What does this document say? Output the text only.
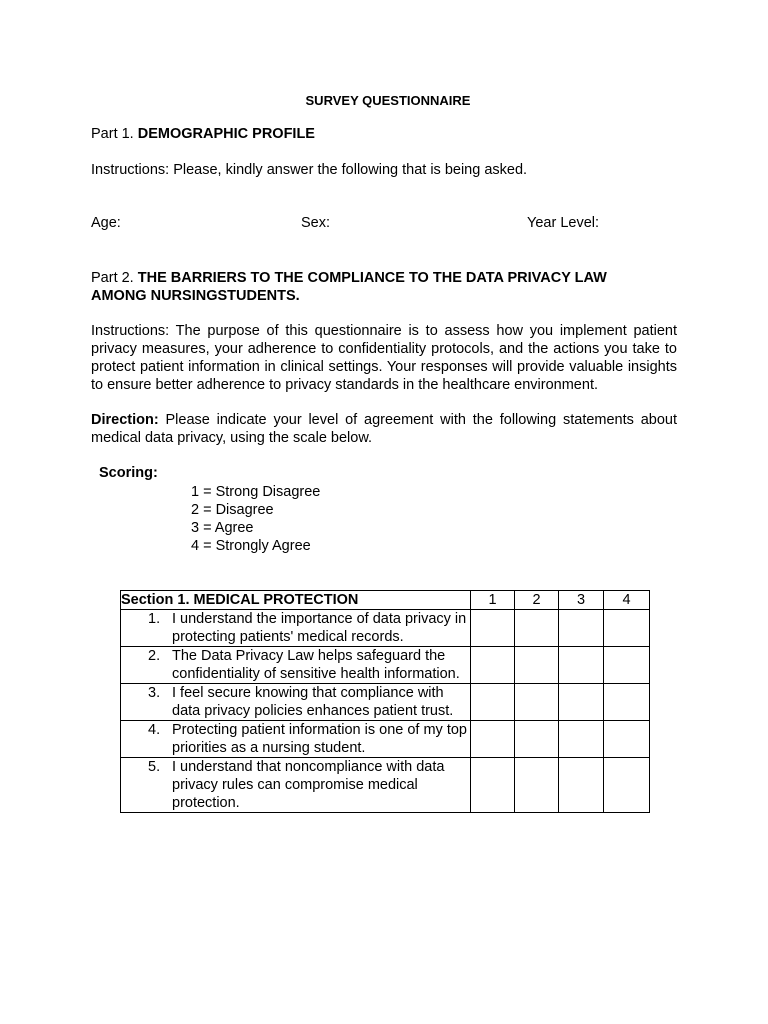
SURVEY QUESTIONNAIRE
Part 1. DEMOGRAPHIC PROFILE
Instructions: Please, kindly answer the following that is being asked.
Age:	Sex:	Year Level:
Part 2. THE BARRIERS TO THE COMPLIANCE TO THE DATA PRIVACY LAW
AMONG NURSINGSTUDENTS.
Instructions: The purpose of this questionnaire is to assess how you implement patient privacy measures, your adherence to confidentiality protocols, and the actions you take to protect patient information in clinical settings. Your responses will provide valuable insights to ensure better adherence to privacy standards in the healthcare environment.
Direction: Please indicate your level of agreement with the following statements about medical data privacy, using the scale below.
Scoring:
1 = Strong Disagree
2 = Disagree
3 = Agree
4 = Strongly Agree
Section 1. MEDICAL PROTECTION	1	2	3	4

1. I understand the importance of data privacy in protecting patients' medical records.				

2. The Data Privacy Law helps safeguard the confidentiality of sensitive health information.				

3. I feel secure knowing that compliance with data privacy policies enhances patient trust.				

4. Protecting patient information is one of my top priorities as a nursing student.				

5. I understand that noncompliance with data privacy rules can compromise medical protection.				
